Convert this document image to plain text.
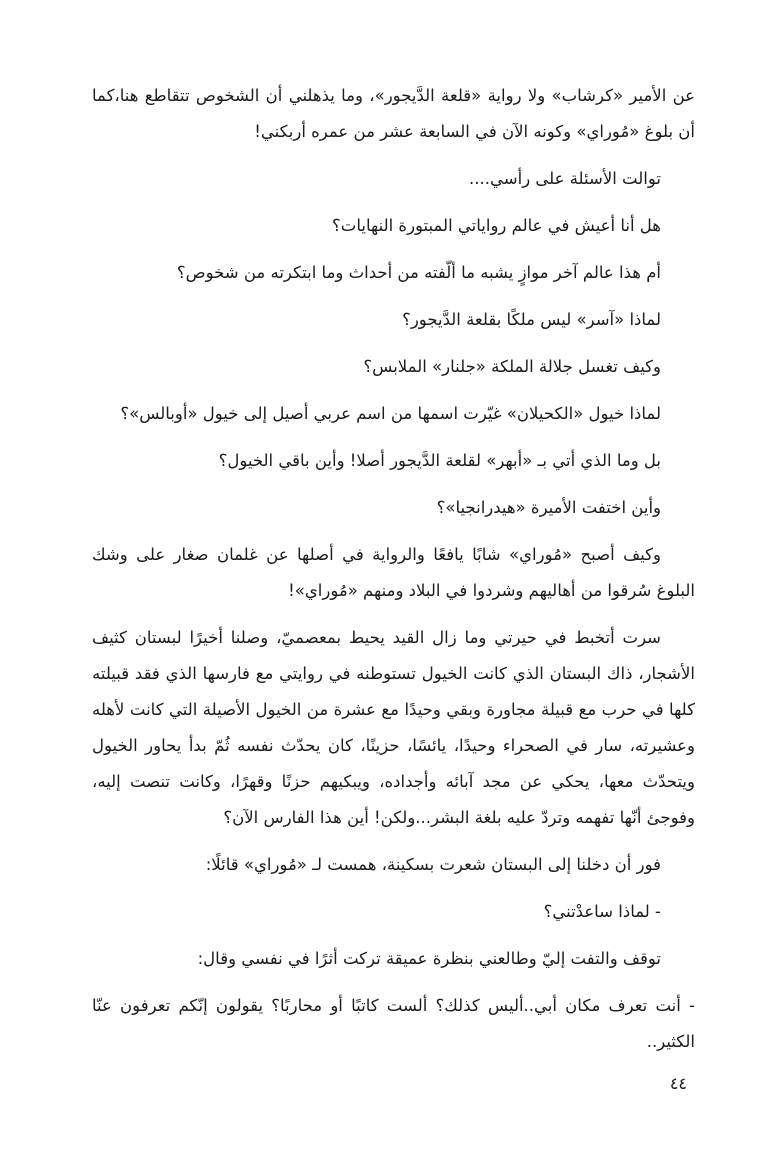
عن الأمير «كرشاب» ولا رواية «قلعة الدَّيجور»، وما يذهلني أن الشخوص تتقاطع هنا،كما أن بلوغ «مُوراي» وكونه الآن في السابعة عشر من عمره أربكني!

توالت الأسئلة على رأسي....

هل أنا أعيش في عالم رواياتي المبتورة النهايات؟

أم هذا عالم آخر موازٍ يشبه ما ألّفته من أحداث وما ابتكرته من شخوص؟

لماذا «آسر» ليس ملكًا بقلعة الدَّيجور؟

وكيف تغسل جلالة الملكة «جلنار» الملابس؟

لماذا خيول «الكحيلان» غيّرت اسمها من اسم عربي أصيل إلى خيول «أوبالس»؟

بل وما الذي أتي بـ «أبهر» لقلعة الدَّيجور أصلا! وأين باقي الخيول؟

وأين اختفت الأميرة «هيدرانجيا»؟

وكيف أصبح «مُوراي» شابًا يافعًا والرواية في أصلها عن غلمان صغار على وشك البلوغ سُرقوا من أهاليهم وشردوا في البلاد ومنهم «مُوراي»!

سرت أتخبط في حيرتي وما زال القيد يحيط بمعصميّ، وصلنا أخيرًا لبستان كثيف الأشجار، ذاك البستان الذي كانت الخيول تستوطنه في روايتي مع فارسها الذي فقد قبيلته كلها في حرب مع قبيلة مجاورة وبقي وحيدًا مع عشرة من الخيول الأصيلة التي كانت لأهله وعشيرته، سار في الصحراء وحيدًا، يائسًا، حزينًا، كان يحدّث نفسه ثُمّ بدأ يحاور الخيول ويتحدّث معها، يحكي عن مجد آبائه وأجداده، ويبكيهم حزنًا وقهرًا، وكانت تنصت إليه، وفوجئ أنّها تفهمه وتردّ عليه بلغة البشر...ولكن! أين هذا الفارس الآن؟

فور أن دخلنا إلى البستان شعرت بسكينة، همست لـ «مُوراي» قائلًا:

- لماذا ساعدْتني؟

توقف والتفت إليّ وطالعني بنظرة عميقة تركت أثرًا في نفسي وقال:

- أنت تعرف مكان أبي..أليس كذلك؟ ألست كاتبًا أو محاربًا؟ يقولون إنّكم تعرفون عنّا الكثير..

٤٤
